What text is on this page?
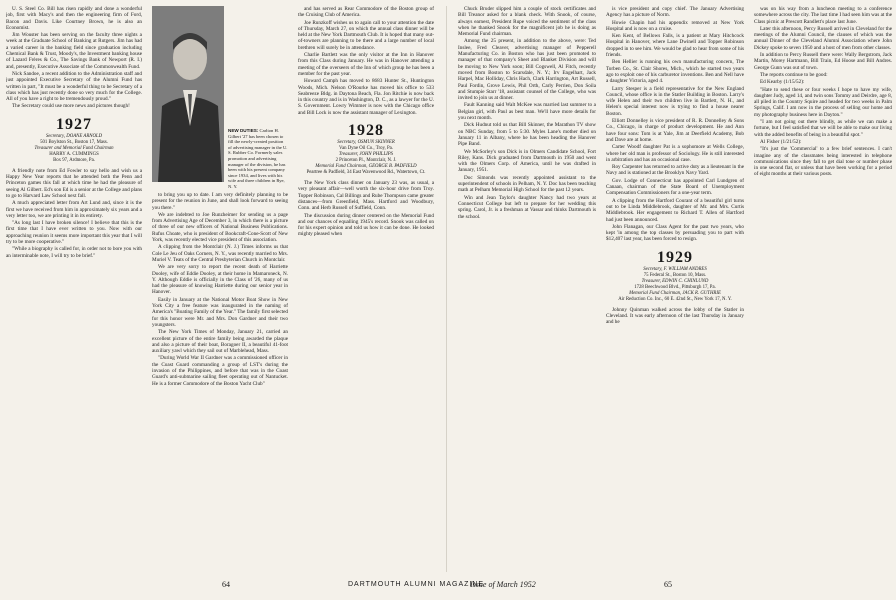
U. S. Steel Co. Bill has risen rapidly and done a wonderful job, first with Macy's and then the engineering firm of Ford, Bacon and Davis. Like Courtney Brown, he is also an Economist.

Jim Wouster has been serving on the faculty three nights a week at the Graduate School of Banking at Rutgers. Jim has had a varied career in the banking field since graduation including Chemical Bank & Trust, Moody's, the Investment banking house of Lazard Frères & Co., The Savings Bank of Newport (R. I.) and, presently, Executive Associate of the Commonwealth Fund.

Nick Sandoe, a recent addition to the Administration staff and just appointed Executive Secretary of the Alumni Fund has written in part, "It must be a wonderful thing to be Secretary of a class which has just recently done so very much for the College. All of you have a right to be tremendously proud."

The Secretary could use more news and pictures though!

1927
Secretary, DOANE ARNOLD
501 Boylston St., Boston 17, Mass.
Treasurer and Memorial Fund Chairman
HARRY A. CUMMINGS
Box 97, Ardmore, Pa.

A friendly note from Ed Fowler to say hello and wish us a Happy New Year reports that he attended both the Penn and Princeton games this fall at which time he had the pleasure of seeing Al Gilbert. Ed's son Ed is a senior at the College and plans to go to Harvard Law School next fall.

A much appreciated letter from Art Lund and, since it is the first we have received from him in approximately six years and a very letter too, we are printing it in its entirety.

"As long last I have broken silence! I believe that this is the first time that I have ever written to you. Now with our approaching reunion it seems more important this year that I will try to be more cooperative."

"While a biography is called for, in order not to bore you with an interminable note, I will try to be brief."

NEW DUTIES: Carlton H. Gilbert '27 has been chosen to fill the newly-created position of advertising manager in the U. S. Rubber Co. Formerly sales promotion and advertising manager of the division, he has been with his present company since 1934, and lives with his wife and three children in Rye, N. Y.

to bring you up to date. I am very definitely planning to be present for the reunion in June, and shall look forward to seeing you there."

We are indebted to Joe Runzheimer for sending us a page from Advertising Age of December 3, in which there is a picture of three of our new officers of National Business Publications. Rufus Choate, who is president of Bookcraft-Cone-Scott of New York, was recently elected vice president of this association.

A clipping from the Montclair (N. J.) Times informs us that Cole Le Jeu of Oaks Corners, N. Y., was recently married to Mrs. Muriel V. Teats of the Central Presbyterian Church in Montclair.

We are very sorry to report the recent death of Harriette Dooley, wife of Eddie Dooley, at their home in Mamaroneck, N. Y. Although Eddie is officially in the Class of '26, many of us had the pleasure of knowing Harriette during our senior year in Hanover.

Easily in January at the National Motor Boat Show in New York City a free feature was inaugurated in the naming of America's "Boating Family of the Year." The family first selected for this honor were Mr. and Mrs. Don Gardner and their two youngsters.

The New York Times of Monday, January 21, carried an excellent picture of the entire family being awarded the plaque and also a picture of their boat, Boragoer II, a beautiful 41-foot auxiliary yawl which they sail out of Marblehead, Mass.

"During World War II Gardner was a commissioned officer in the Coast Guard commanding a group of LST's during the invasion of the Philippines, and before that was in the Coast Guard's anti-submarine sailing fleet operating out of Nantucket. He is a former Commodore of the Boston Yacht Club"

and has served as Rear Commodore of the Boston group of the Cruising Club of America.

Joe Runzkoff wishes us to again call to your attention the date of Thursday, March 27, on which the annual class dinner will be held at the New York Dartmouth Club. It is hoped that many out-of-towners are planning to be there and a large number of local brethren will surely be in attendance.

Charlie Bartlett was the only visitor at the Inn in Hanover from this Class during January. He was in Hanover attending a meeting of the overseers of the Inn of which group he has been a member for the past year.

Howard Camph has moved to 8683 Hunter St., Huntington Woods, Mich. Nelson O'Rourke has moved his office to 533 Seabreeze Bldg. in Daytona Beach, Fla. Jon Ritchie is now back in this country and is in Washington, D. C., as a lawyer for the U. S. Government. Lowry Wimmer is now with the Chicago office and Bill Lock is now the assistant manager of Lexington.

1928
Secretary, OSMUN SKINNER
Van Dyne Oil Co., Troy, Pa.
Treasurer, JOHN PHILLIPS
2 Princeton Pl., Montclair, N. J.
Memorial Fund Chairman, GEORGE B. PADFIELD
Peartree & Padfield, 34 East Wavenwood Rd., Watertown, Ct.

The New York class dinner on January 23 was, as usual, a very pleasant affair—well worth the six-hour drive from Troy. Topper Robinson, Cal Billings and Rube Thompson came greater distances—from Greenfield, Mass. Hartford and Woodbury, Conn. and Herb Russell of Suffield, Conn.

The discussion during dinner centered on the Memorial Fund and our chances of equalling 1945's record. Snook was called on for his expert opinion and told us how it can be done. He looked mighty pleased when

Chuck Bruder slipped him a couple of stock certificates and Bill Treanor asked for a blank check. With Snook, of course, always earnest, President Rupe voiced the sentiment of the class when he thanked Snook for the magnificent job he is doing as Memorial Fund chairman.

Among the 25 present, in addition to the above, were: Ted Inslee, Fred Cleaver, advertising manager of Pepperell Manufacturing Co. in Boston who has just been promoted to manager of that company's Sheet and Blanket Division and will be moving to New York soon; Bill Cogswell, Al Fitch, recently moved from Boston to Scarsdale, N. Y.; Irv Engelhart, Jack Harpel, Mac Holliday, Chris Hach, Clark Harrington, Art Russell, Paul Fordin, Grove Lewis, Phil Orth, Carly Perrien, Don Soila and Stumpie Starr '18, assistant counsel of the College, who was invited to join us at dinner.

Fault Kanning said Walt McKee was married last summer to a Belgian girl, with Paul as best man. We'll have more details for you next month.

Dick Hudnut told us that Bill Skinner, the Marathon TV show on NBC Sunday, from 5 to 5:30. Myles Lane's mother died on January 11 in Albany, where he has been heading the Hanover Pipe Band.

We McSorley's son Dick is in Olmers Candidate School, Fort Riley, Kans. Dick graduated from Dartmouth in 1950 and went with the Olmers Corp. of America, until he was drafted in January, 1951.

Doc Simonds was recently appointed assistant to the superintendent of schools in Pelham, N. Y. Doc has been teaching math at Pelham Memorial High School for the past 12 years.

Win and Jean Taylor's daughter Nancy had two years at Connecticut College but left to prepare for her wedding this spring. Carol, Jr. is a freshman at Vassar and thinks Dartmouth is the school.

is vice president and copy chief. The January Advertising Agency has a picture of Norm.

Howie Chapin had his appendix removed at New York Hospital and is now on a cruise.

Ken Kent, of Bellows Falls, is a patient at Mary Hitchcock Hospital in Hanover, where Lane Dwinell and Topper Robinson dropped in to see him. We would be glad to hear from some of his friends.

Ben Hellier is running his own manufacturing concern, The Torben Co., St. Clair Shores, Mich., which he started two years ago to exploit one of his carburetor inventions. Ben and Nell have a daughter Victoria, aged 4.

Larry Stesper is a field representative for the New England Council, whose office is in the Statler Building in Boston. Larry's wife Helen and their two children live in Bartlett, N. H., and Helen's special interest now is trying to find a house nearer Boston.

Elliott Donnelley is vice president of R. R. Donnelley & Sons Co., Chicago, in charge of product development. He and Ann have four sons: Tom is at Yale, Jim at Deerfield Academy, Bob and Dave are at home.

Carter Woodf daughter Pat is a sophomore at Wells College, where her old man is professor of Sociology. He is still interested in arbitration and has an occasional case.

Roy Carpenter has returned to active duty as a lieutenant in the Navy and is stationed at the Brooklyn Navy Yard.

Gov. Lodge of Connecticut has appointed Carl Lundgren of Canaan, chairman of the State Board of Unemployment Compensation Commissioners for a one-year term.

A clipping from the Hartford Courant of a beautiful girl turns out to be Linda Middlebrook, daughter of Mr. and Mrs. Curtis Middlebrook. Her engagement to Richard T. Allen of Hartford had just been announced.

John Flanagan, our Class Agent for the past two years, who kept 'in among the top classes by persuading you to part with $12,407 last year, has been forced to resign.

1929
Secretary, F. WILLIAM ANDRES
75 Federal St., Boston 10, Mass.
Treasurer, EDWIN C. CHINLUND
1728 Beechwood Blvd., Pittsburgh 17, Pa.
Memorial Fund Chairman, JACK R. GUTHRIE
Air Reduction Co. Inc., 60 E. 42nd St., New York 17, N. Y.

Johnny Quinman walked across the lobby of the Statler in Cleveland. It was early afternoon of the last Thursday in January and he

was on his way from a luncheon meeting to a conference somewhere across the city. The last time I had seen him was at the Class picnic at Prescott Randlett's place last June.

Later this afternoon, Percy Russell arrived in Cleveland for the meetings of the Alumni Council, the clauses of which was the annual Dinner of the Cleveland Alumni Association where John Dickey spoke to seven 1950 and a host of men from other classes.

In addition to Percy Russell there were: Wally Bergstrom, Jack Martin, Morey Hartmann, Bill Train, Ed Hoose and Bill Andres. George Gunn was out of town.

The reports continue to be good:

Ed Kearby (1/15/52):

"Hate to send these or four weeks I hope to have my wife, daughter Judy, aged 14, and twin sons Tommy and Deirdre, age 8, all piled in the Country Squire and headed for two weeks in Palm Springs, Calif. I am now in the process of selling our home and my photography business here in Dayton."

"I am not going out there blindly, as while we can make a fortune, but I feel satisfied that we will be able to make our living with the added benefits of being in a beautiful spot."

Al Fisher (1/21/52):

"It's just the 'Commercial' to a few brief sentences. I can't imagine any of the classmates being interested in telephone communications since they fall to get dial tone or number phase in one second flat, or unless that have been working for a period of eight months at their various posts.

64	DARTMOUTH ALUMNI MAGAZINE
Issue of March 1952	65
